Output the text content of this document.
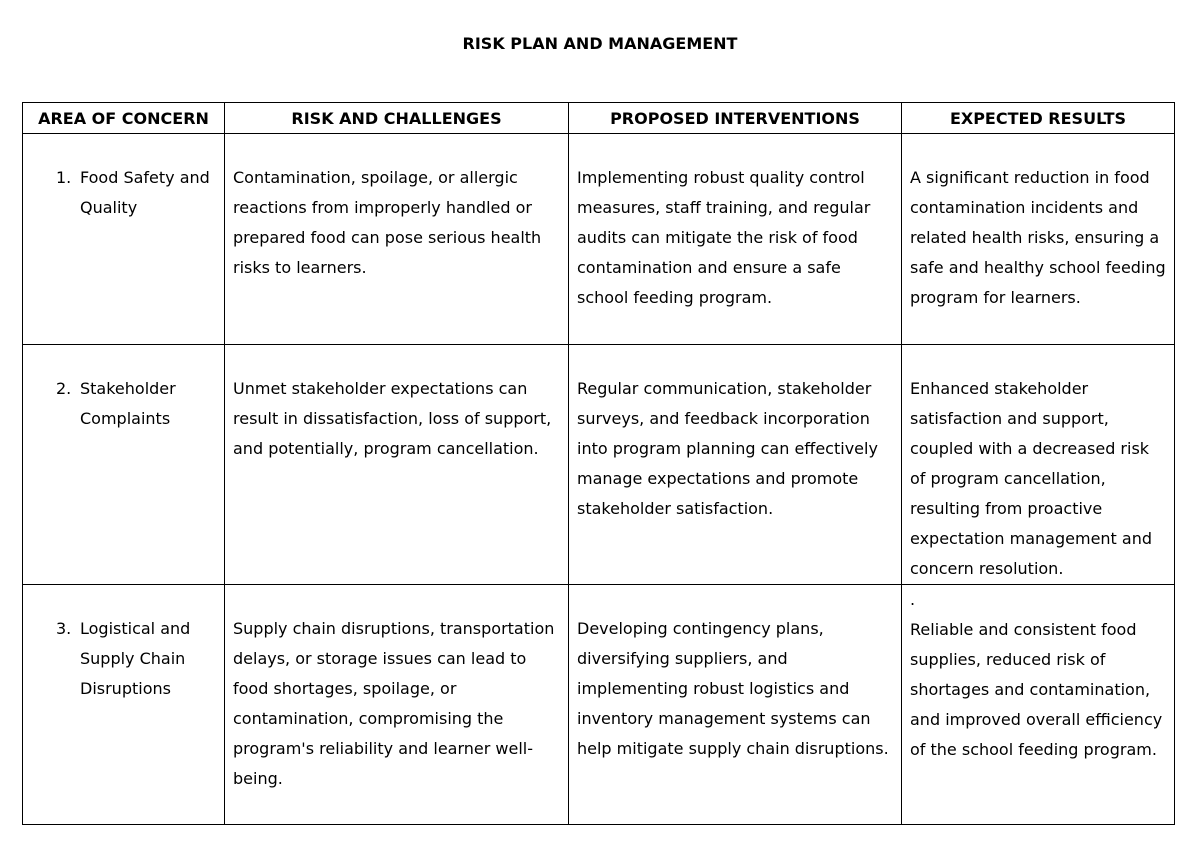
RISK PLAN AND MANAGEMENT
AREA OF CONCERN	RISK AND CHALLENGES	PROPOSED INTERVENTIONS	EXPECTED RESULTS

1. Food Safety and Quality	Contamination, spoilage, or allergic reactions from improperly handled or prepared food can pose serious health risks to learners.	Implementing robust quality control measures, staff training, and regular audits can mitigate the risk of food contamination and ensure a safe school feeding program.	A significant reduction in food contamination incidents and related health risks, ensuring a safe and healthy school feeding program for learners.

2. Stakeholder Complaints	Unmet stakeholder expectations can result in dissatisfaction, loss of support, and potentially, program cancellation.	Regular communication, stakeholder surveys, and feedback incorporation into program planning can effectively manage expectations and promote stakeholder satisfaction.	Enhanced stakeholder satisfaction and support, coupled with a decreased risk of program cancellation, resulting from proactive expectation management and concern resolution.

3. Logistical and Supply Chain Disruptions	Supply chain disruptions, transportation delays, or storage issues can lead to food shortages, spoilage, or contamination, compromising the program's reliability and learner well-being.	Developing contingency plans, diversifying suppliers, and implementing robust logistics and inventory management systems can help mitigate supply chain disruptions.	.
Reliable and consistent food supplies, reduced risk of shortages and contamination, and improved overall efficiency of the school feeding program.
